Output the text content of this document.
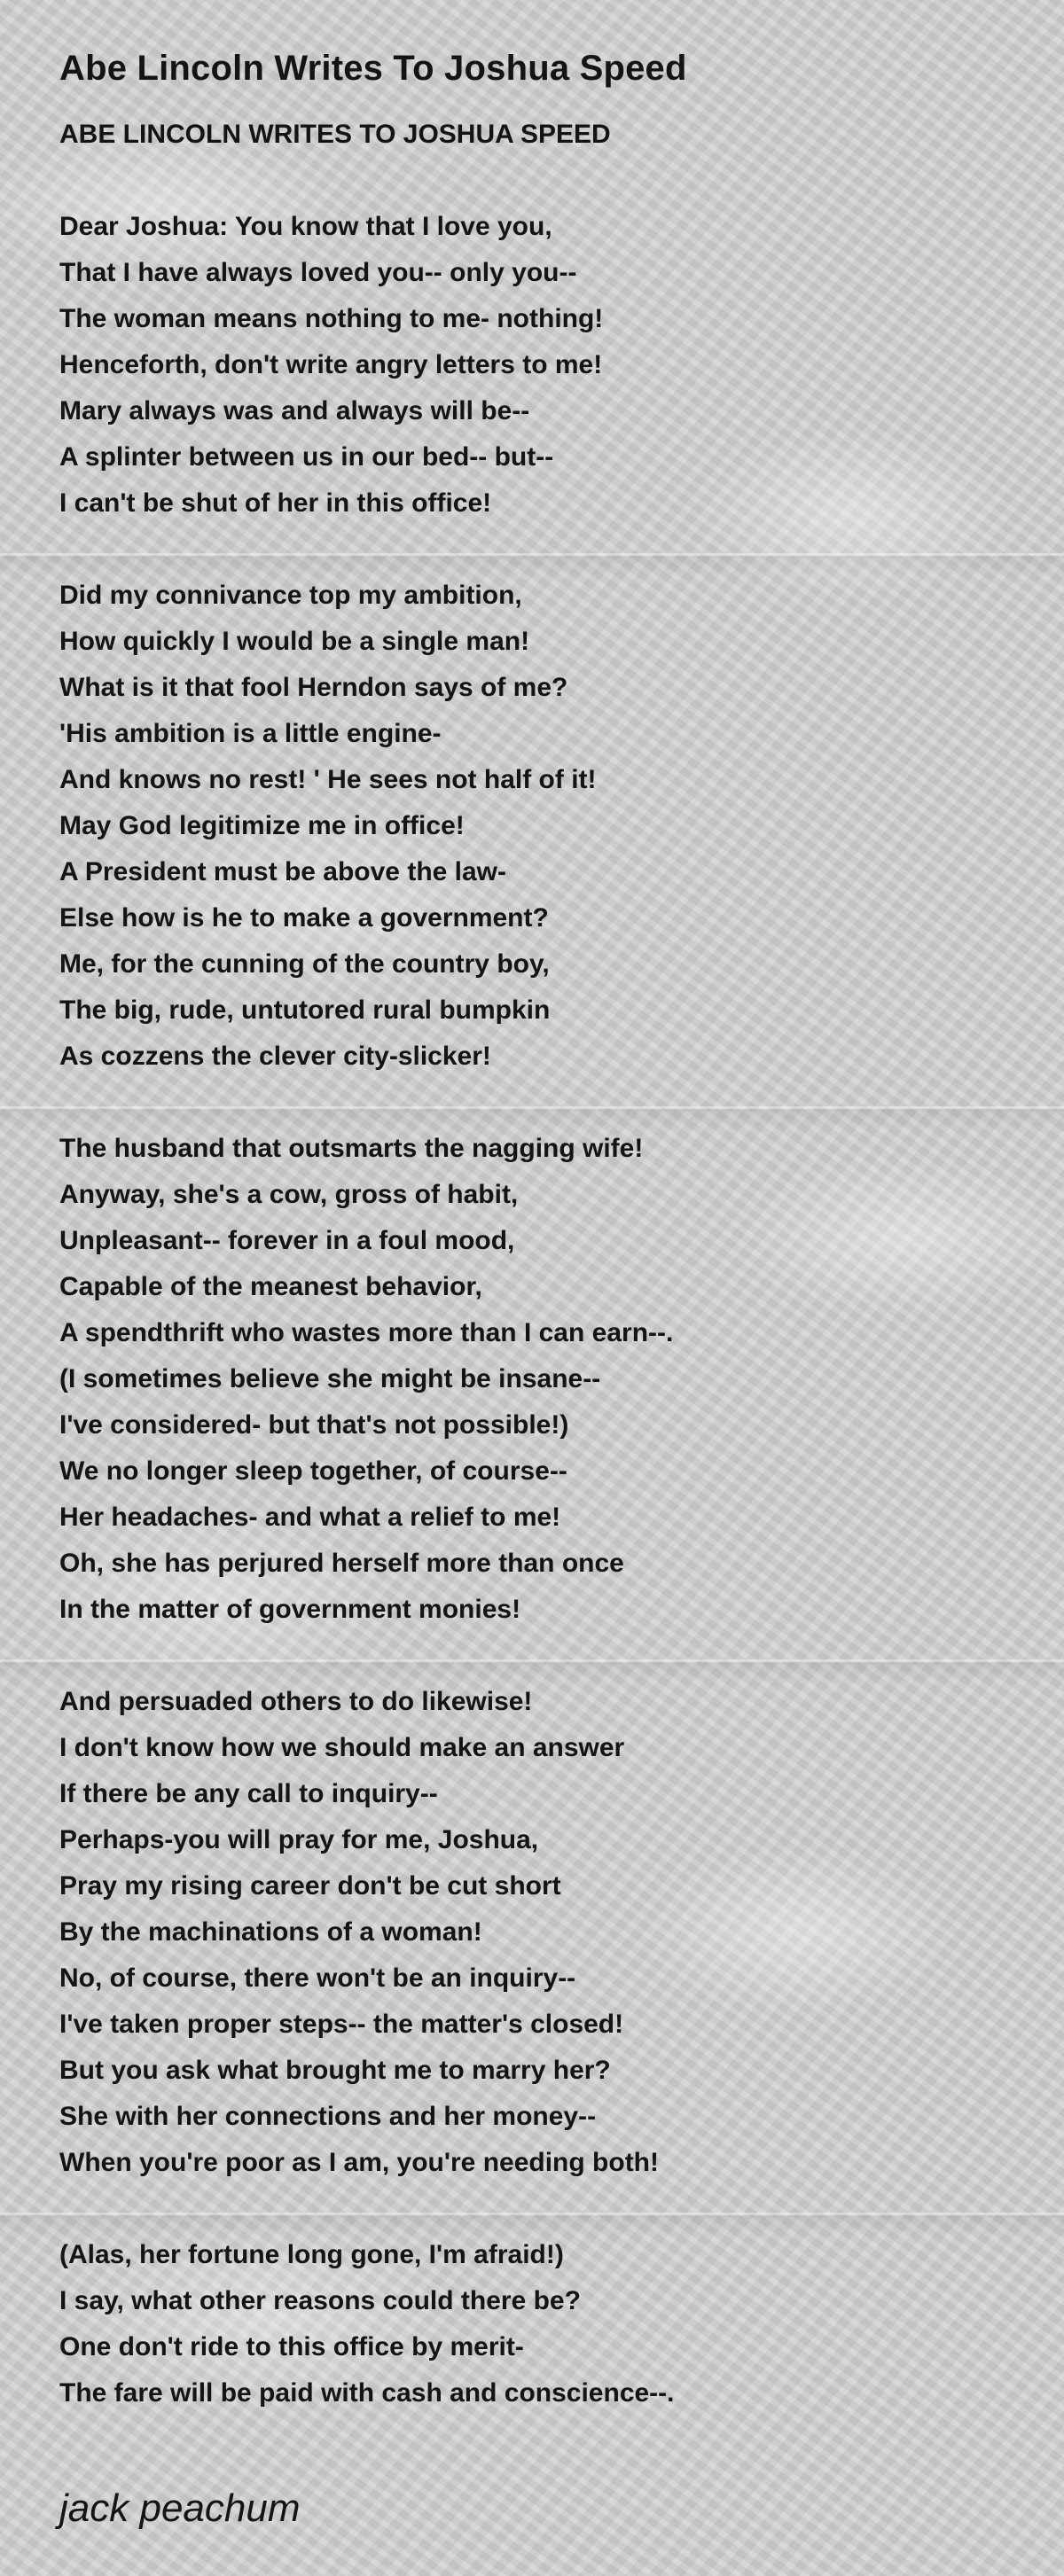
Abe Lincoln Writes To Joshua Speed
ABE LINCOLN WRITES TO JOSHUA SPEED
Dear Joshua: You know that I love you,
That I have always loved you-- only you--
The woman means nothing to me- nothing!
Henceforth, don't write angry letters to me!
Mary always was and always will be--
A splinter between us in our bed-- but--
I can't be shut of her in this office!
Did my connivance top my ambition,
How quickly I would be a single man!
What is it that fool Herndon says of me?
'His ambition is a little engine-
And knows no rest! ' He sees not half of it!
May God legitimize me in office!
A President must be above the law-
Else how is he to make a government?
Me, for the cunning of the country boy,
The big, rude, untutored rural bumpkin
As cozzens the clever city-slicker!
The husband that outsmarts the nagging wife!
Anyway, she's a cow, gross of habit,
Unpleasant-- forever in a foul mood,
Capable of the meanest behavior,
A spendthrift who wastes more than I can earn--.
(I sometimes believe she might be insane--
I've considered- but that's not possible!)
We no longer sleep together, of course--
Her headaches- and what a relief to me!
Oh, she has perjured herself more than once
In the matter of government monies!
And persuaded others to do likewise!
I don't know how we should make an answer
If there be any call to inquiry--
Perhaps-you will pray for me, Joshua,
Pray my rising career don't be cut short
By the machinations of a woman!
No, of course, there won't be an inquiry--
I've taken proper steps-- the matter's closed!
But you ask what brought me to marry her?
She with her connections and her money--
When you're poor as I am, you're needing both!
(Alas, her fortune long gone, I'm afraid!)
I say, what other reasons could there be?
One don't ride to this office by merit-
The fare will be paid with cash and conscience--.
jack peachum
